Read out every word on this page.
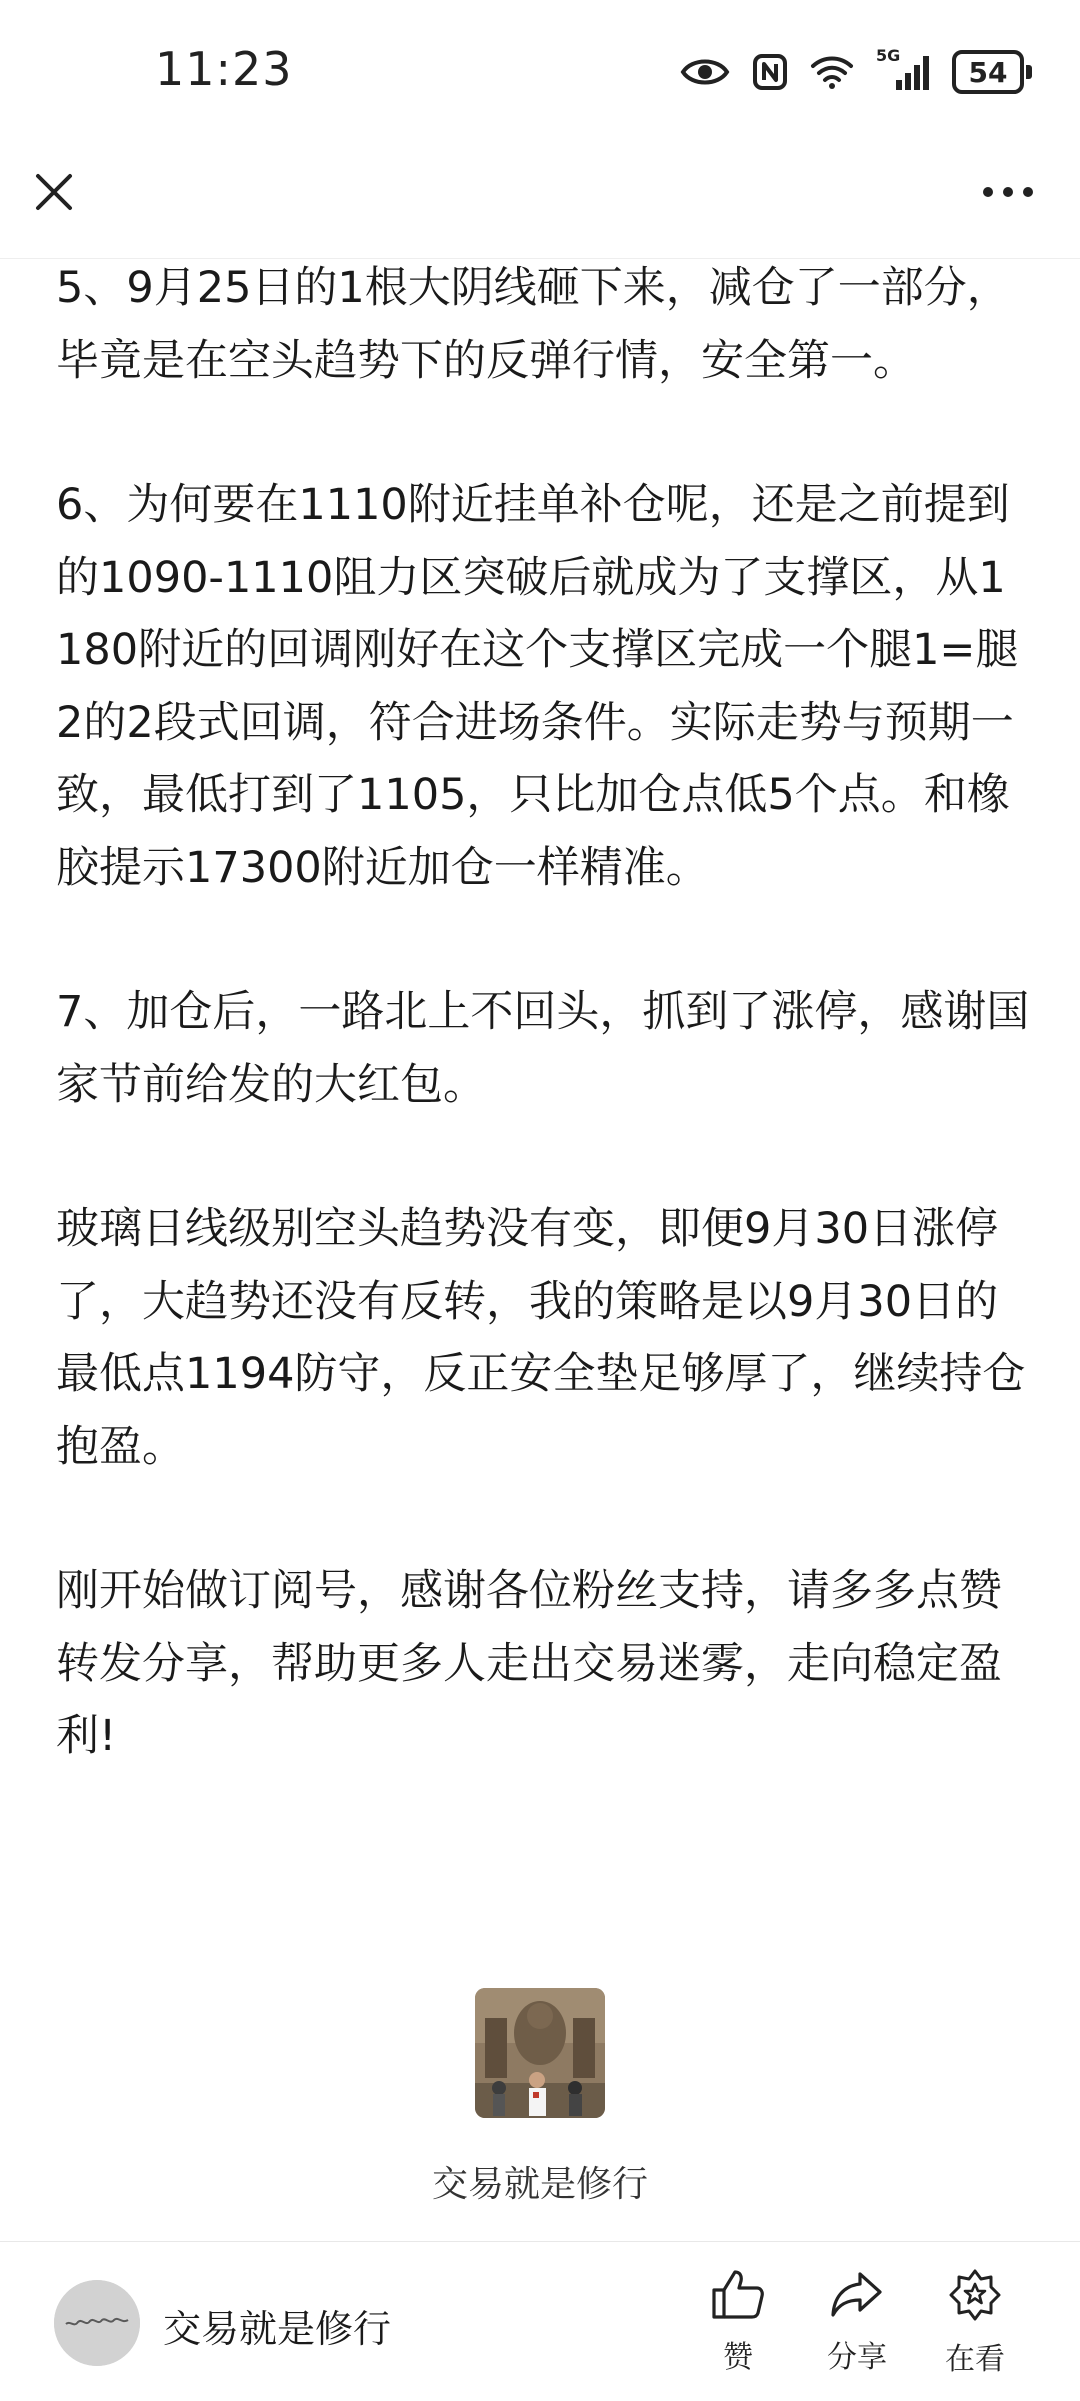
11:23	5G	54

5、9月25日的1根大阴线砸下来，减仓了一部分，毕竟是在空头趋势下的反弹行情，安全第一。

6、为何要在1110附近挂单补仓呢，还是之前提到的1090-1110阻力区突破后就成为了支撑区，从1180附近的回调刚好在这个支撑区完成一个腿1=腿2的2段式回调，符合进场条件。实际走势与预期一致，最低打到了1105，只比加仓点低5个点。和橡胶提示17300附近加仓一样精准。

7、加仓后，一路北上不回头，抓到了涨停，感谢国家节前给发的大红包。

玻璃日线级别空头趋势没有变，即便9月30日涨停了，大趋势还没有反转，我的策略是以9月30日的最低点1194防守，反正安全垫足够厚了，继续持仓抱盈。

刚开始做订阅号，感谢各位粉丝支持，请多多点赞转发分享，帮助更多人走出交易迷雾，走向稳定盈利!

交易就是修行
交易就是修行
赞 分享 在看
